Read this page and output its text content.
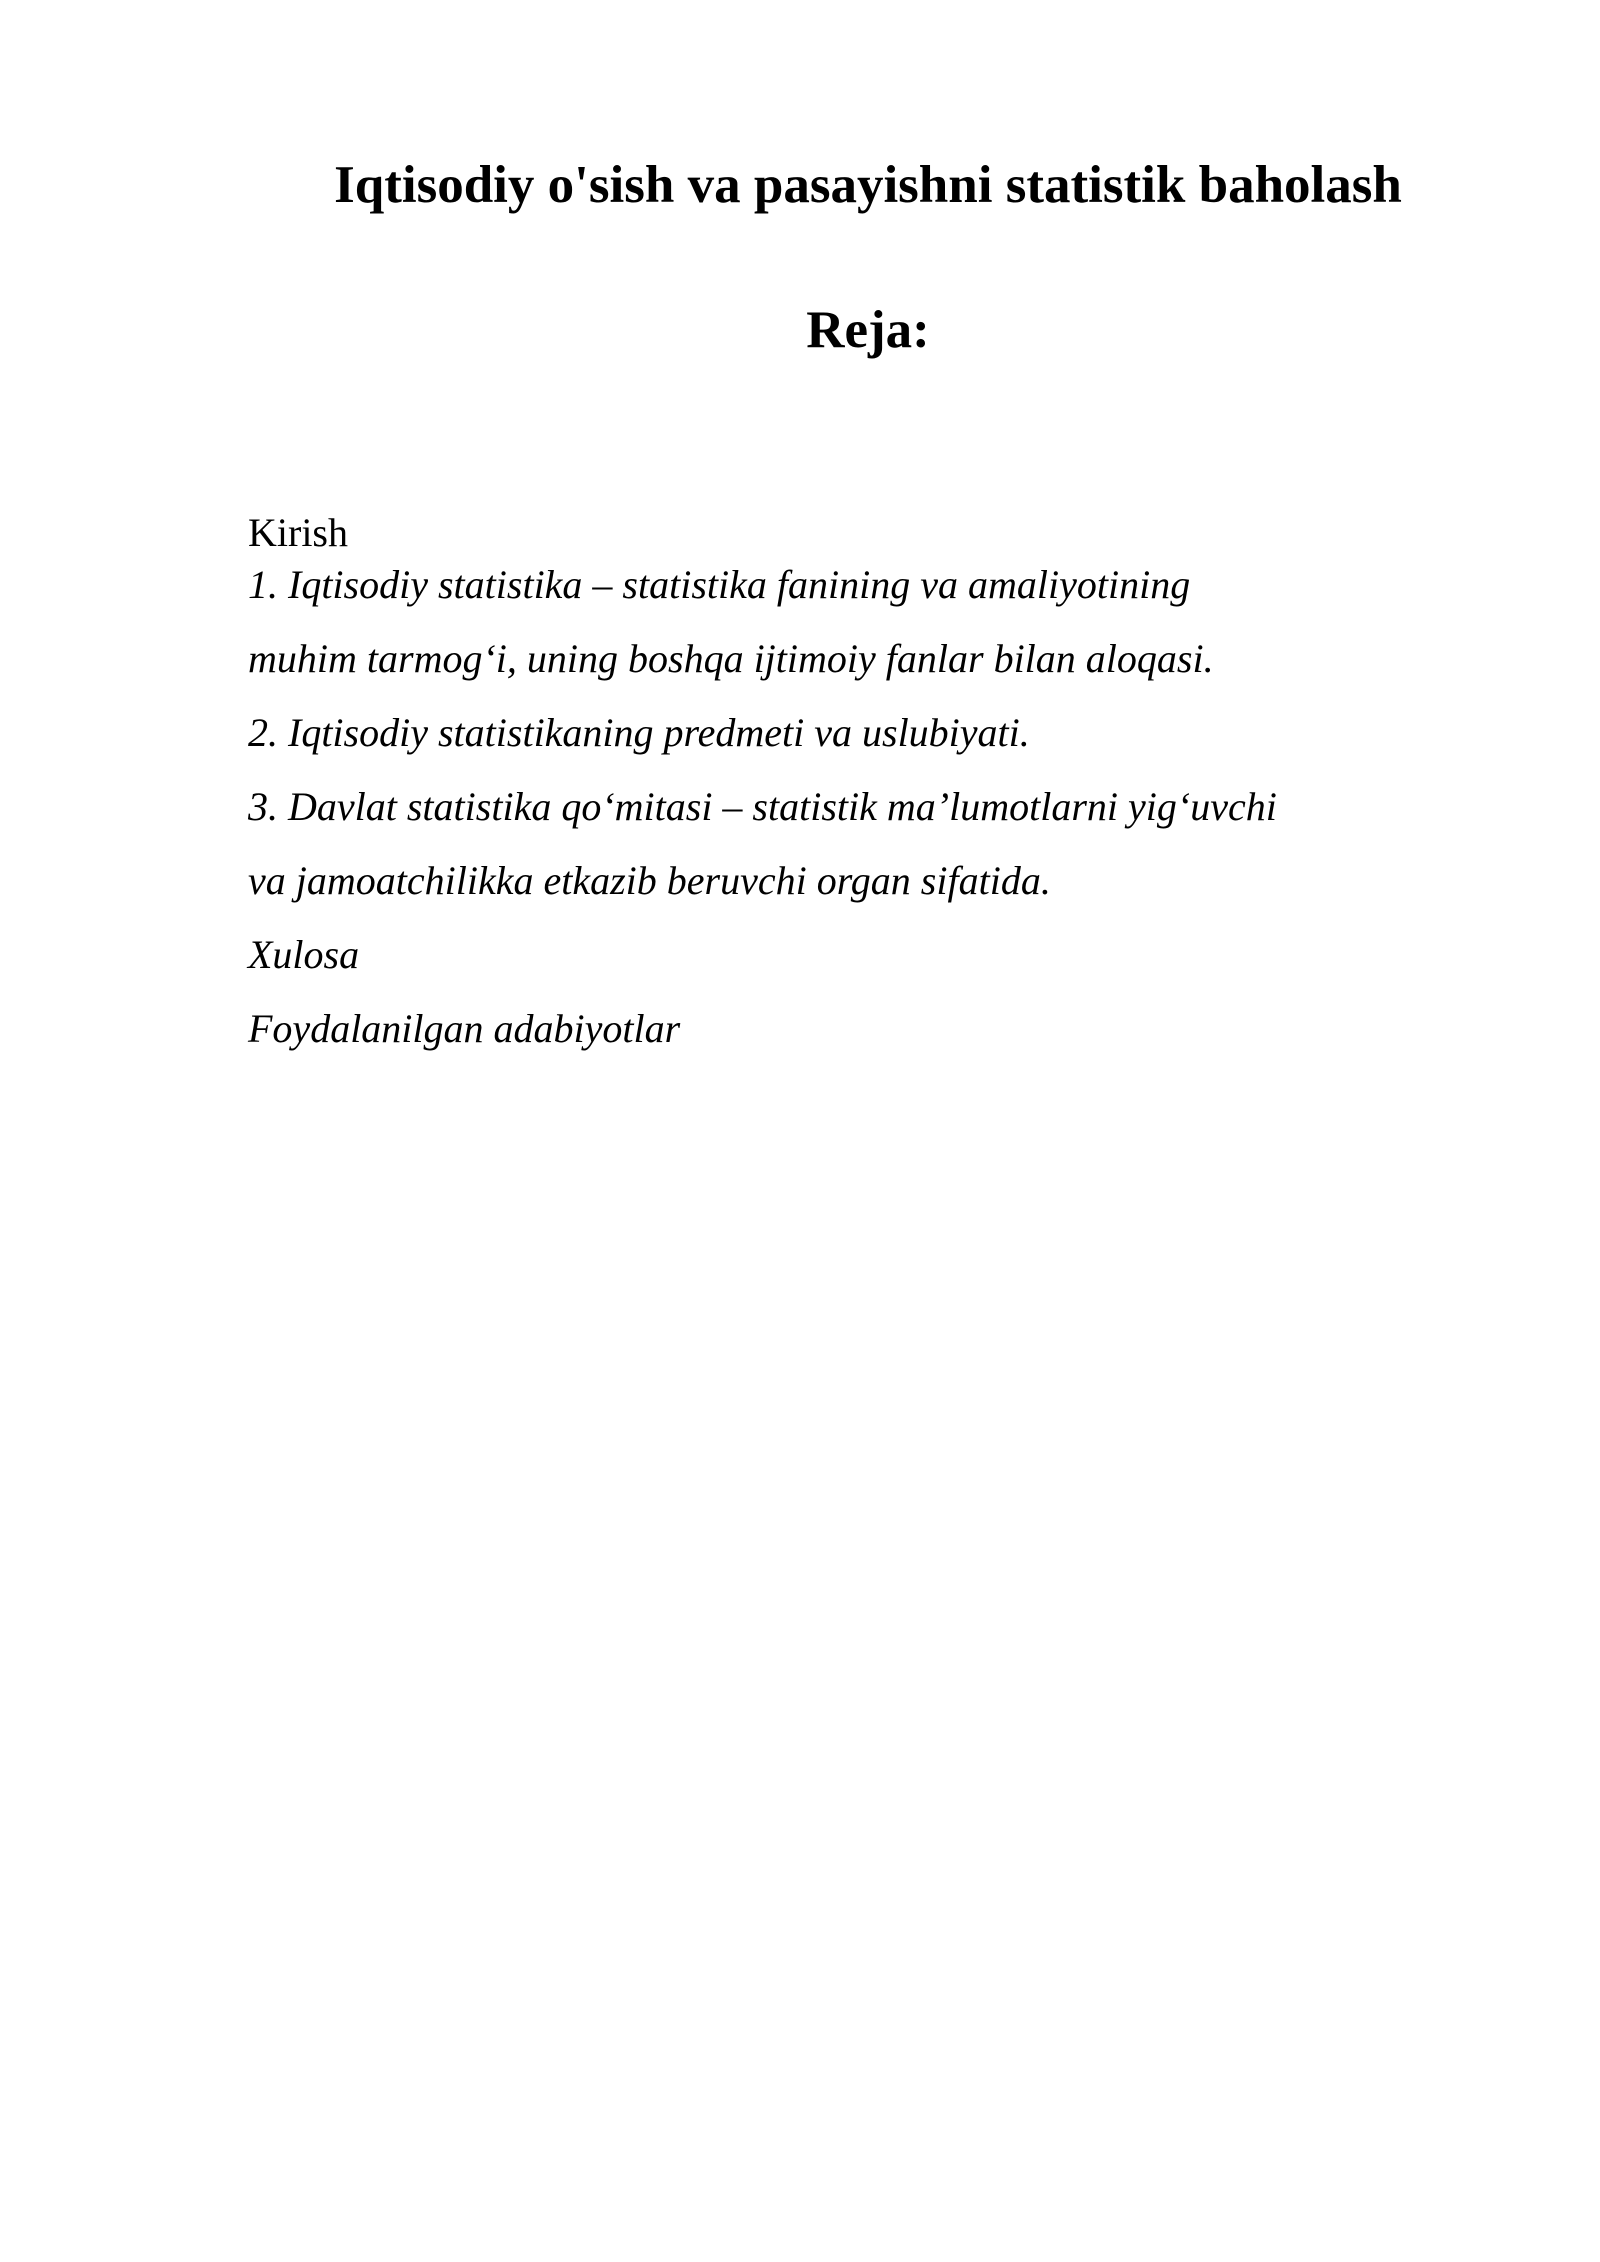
Iqtisodiy o'sish va pasayishni statistik baholash
Reja:
Kirish
1. Iqtisodiy statistika – statistika fanining va amaliyotining
muhim tarmog‘i, uning boshqa ijtimoiy fanlar bilan aloqasi.
2. Iqtisodiy statistikaning predmeti va uslubiyati.
3. Davlat statistika qo‘mitasi – statistik ma’lumotlarni yig‘uvchi
va jamoatchilikka etkazib beruvchi organ sifatida.
Xulosa
Foydalanilgan adabiyotlar
